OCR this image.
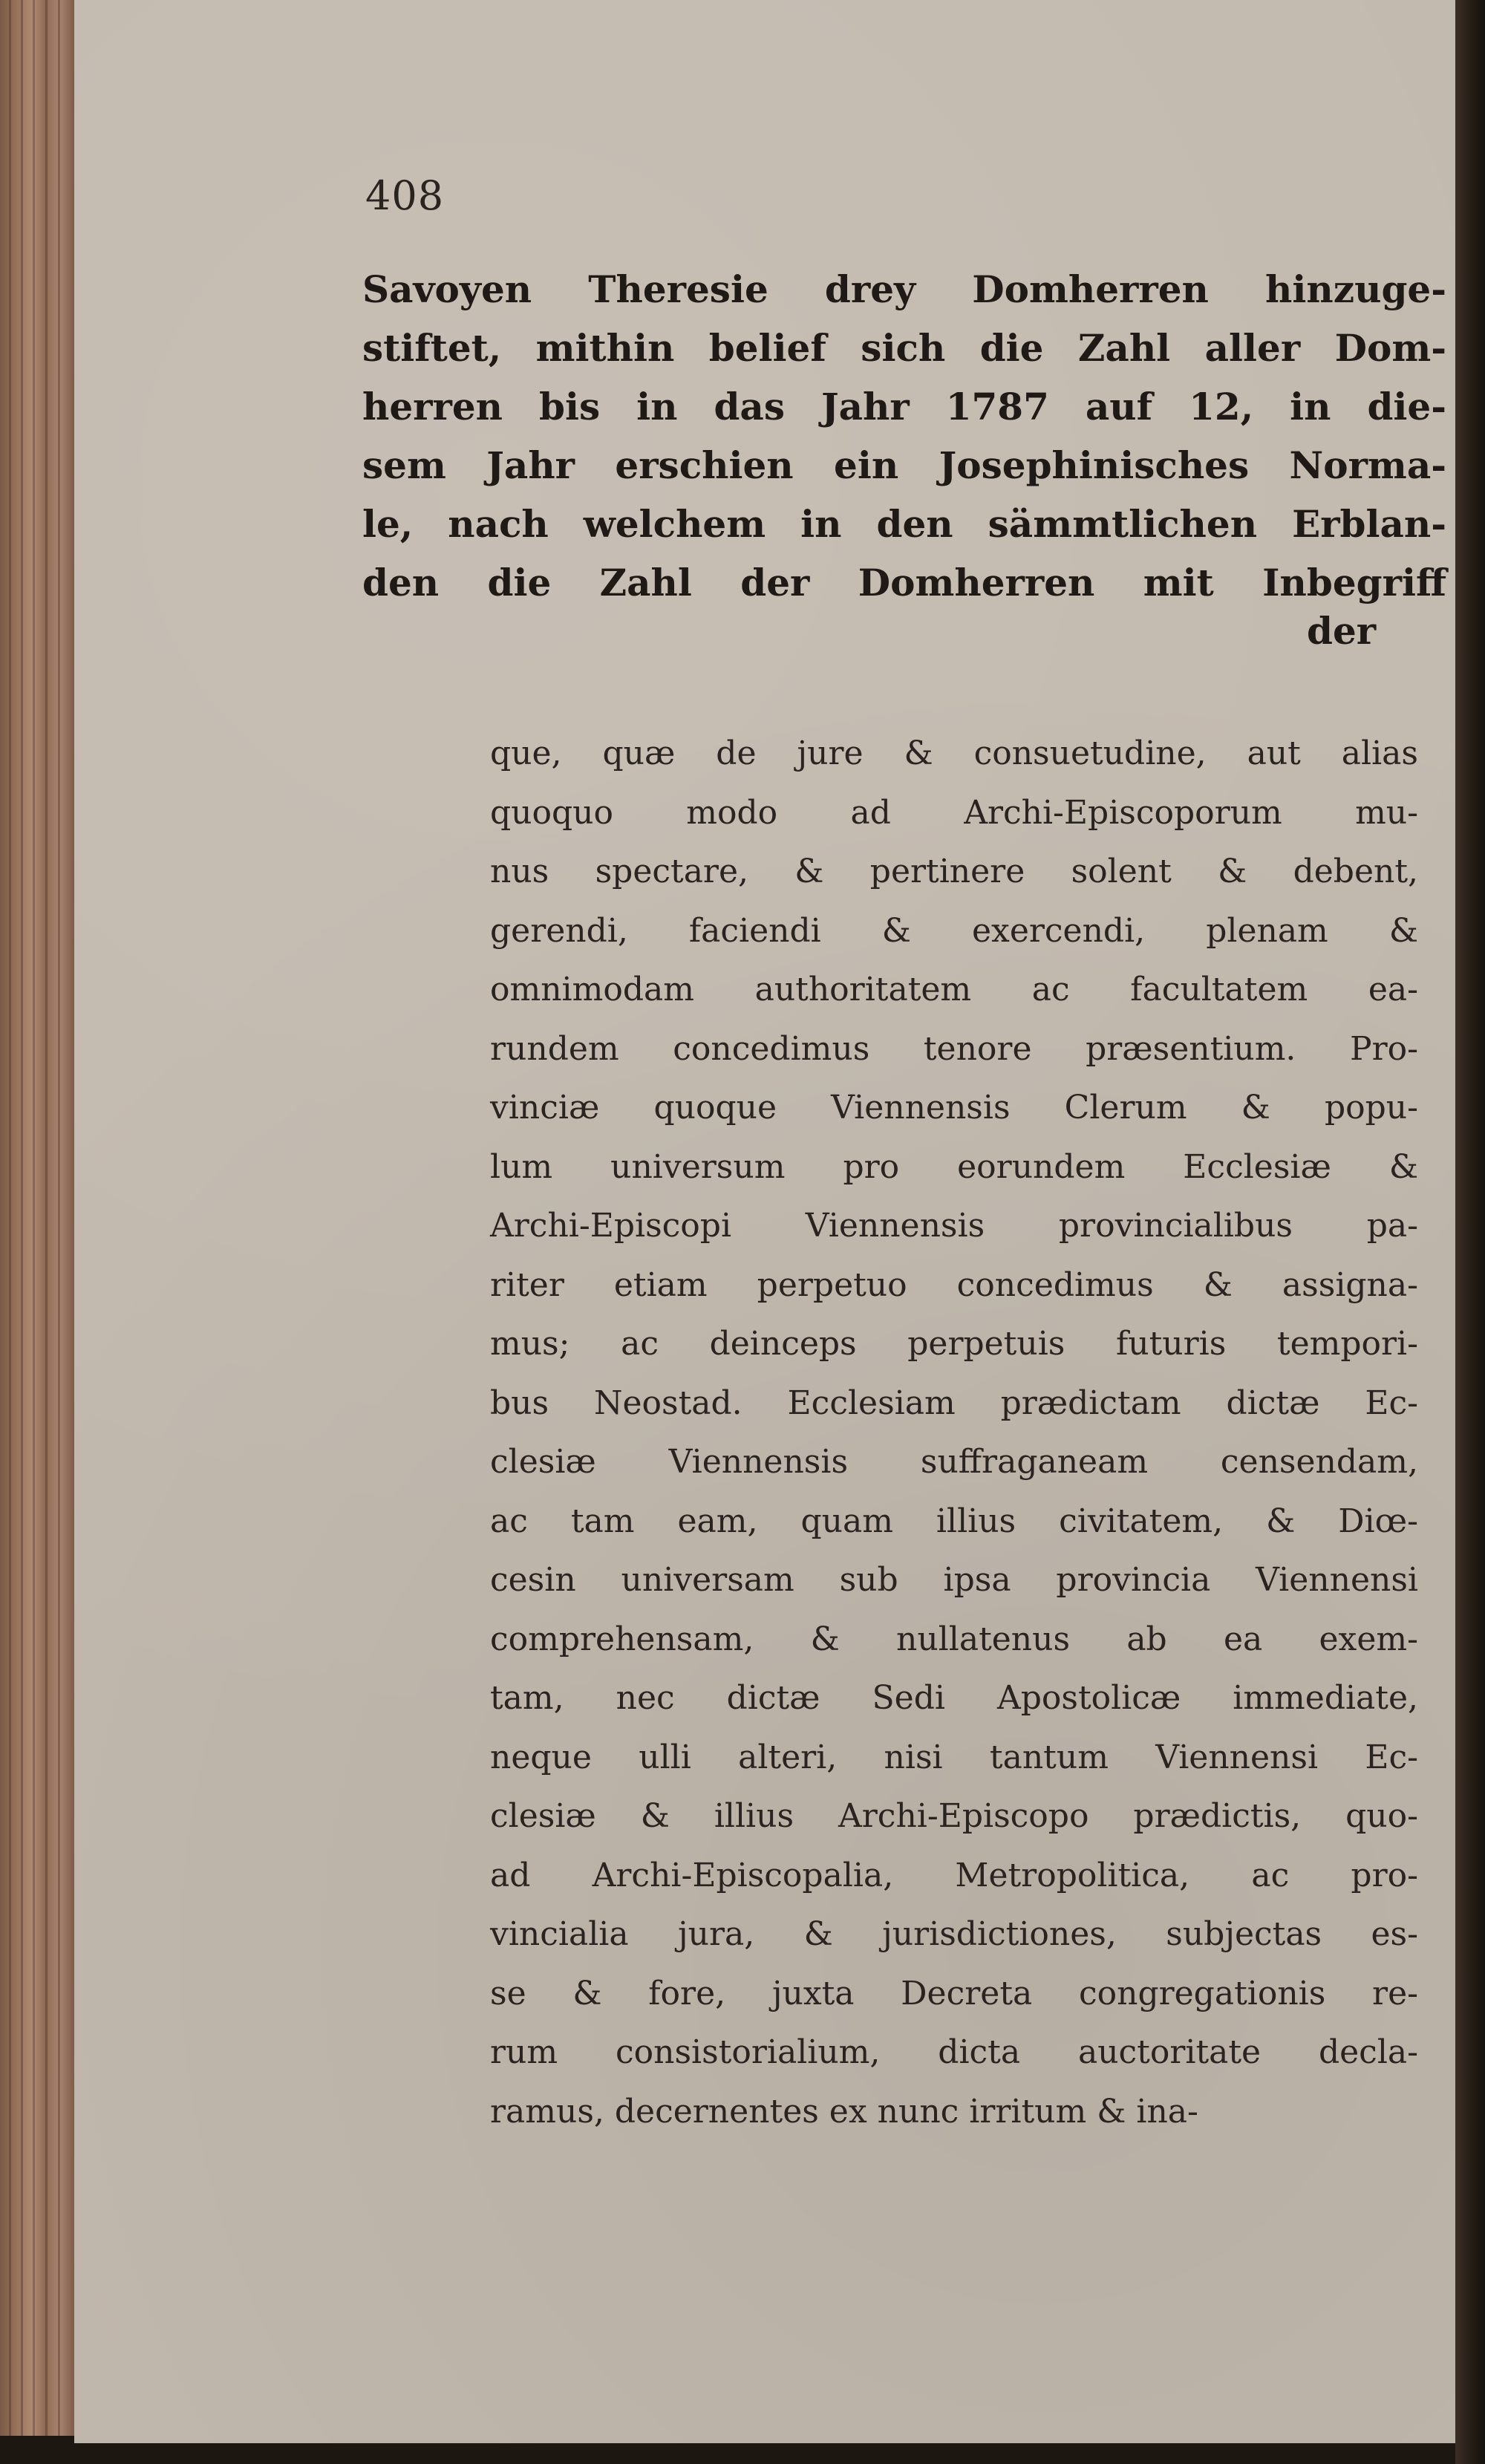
408
Savoyen Theresie drey Domherren hinzuge-
stiftet, mithin belief sich die Zahl aller Dom-
herren bis in das Jahr 1787 auf 12, in die-
sem Jahr erschien ein Josephinisches Norma-
le, nach welchem in den sämmtlichen Erblan-
den die Zahl der Domherren mit Inbegriff
der
que, quæ de jure & consuetudine, aut alias
quoquo modo ad Archi-Episcoporum mu-
nus spectare, & pertinere solent & debent,
gerendi, faciendi & exercendi, plenam &
omnimodam authoritatem ac facultatem ea-
rundem concedimus tenore præsentium. Pro-
vinciæ quoque Viennensis Clerum & popu-
lum universum pro eorundem Ecclesiæ &
Archi-Episcopi Viennensis provincialibus pa-
riter etiam perpetuo concedimus & assigna-
mus; ac deinceps perpetuis futuris tempori-
bus Neostad. Ecclesiam prædictam dictæ Ec-
clesiæ Viennensis suffraganeam censendam,
ac tam eam, quam illius civitatem, & Diœ-
cesin universam sub ipsa provincia Viennensi
comprehensam, & nullatenus ab ea exem-
tam, nec dictæ Sedi Apostolicæ immediate,
neque ulli alteri, nisi tantum Viennensi Ec-
clesiæ & illius Archi-Episcopo prædictis, quo-
ad Archi-Episcopalia, Metropolitica, ac pro-
vincialia jura, & jurisdictiones, subjectas es-
se & fore, juxta Decreta congregationis re-
rum consistorialium, dicta auctoritate decla-
ramus, decernentes ex nunc irritum & ina-
